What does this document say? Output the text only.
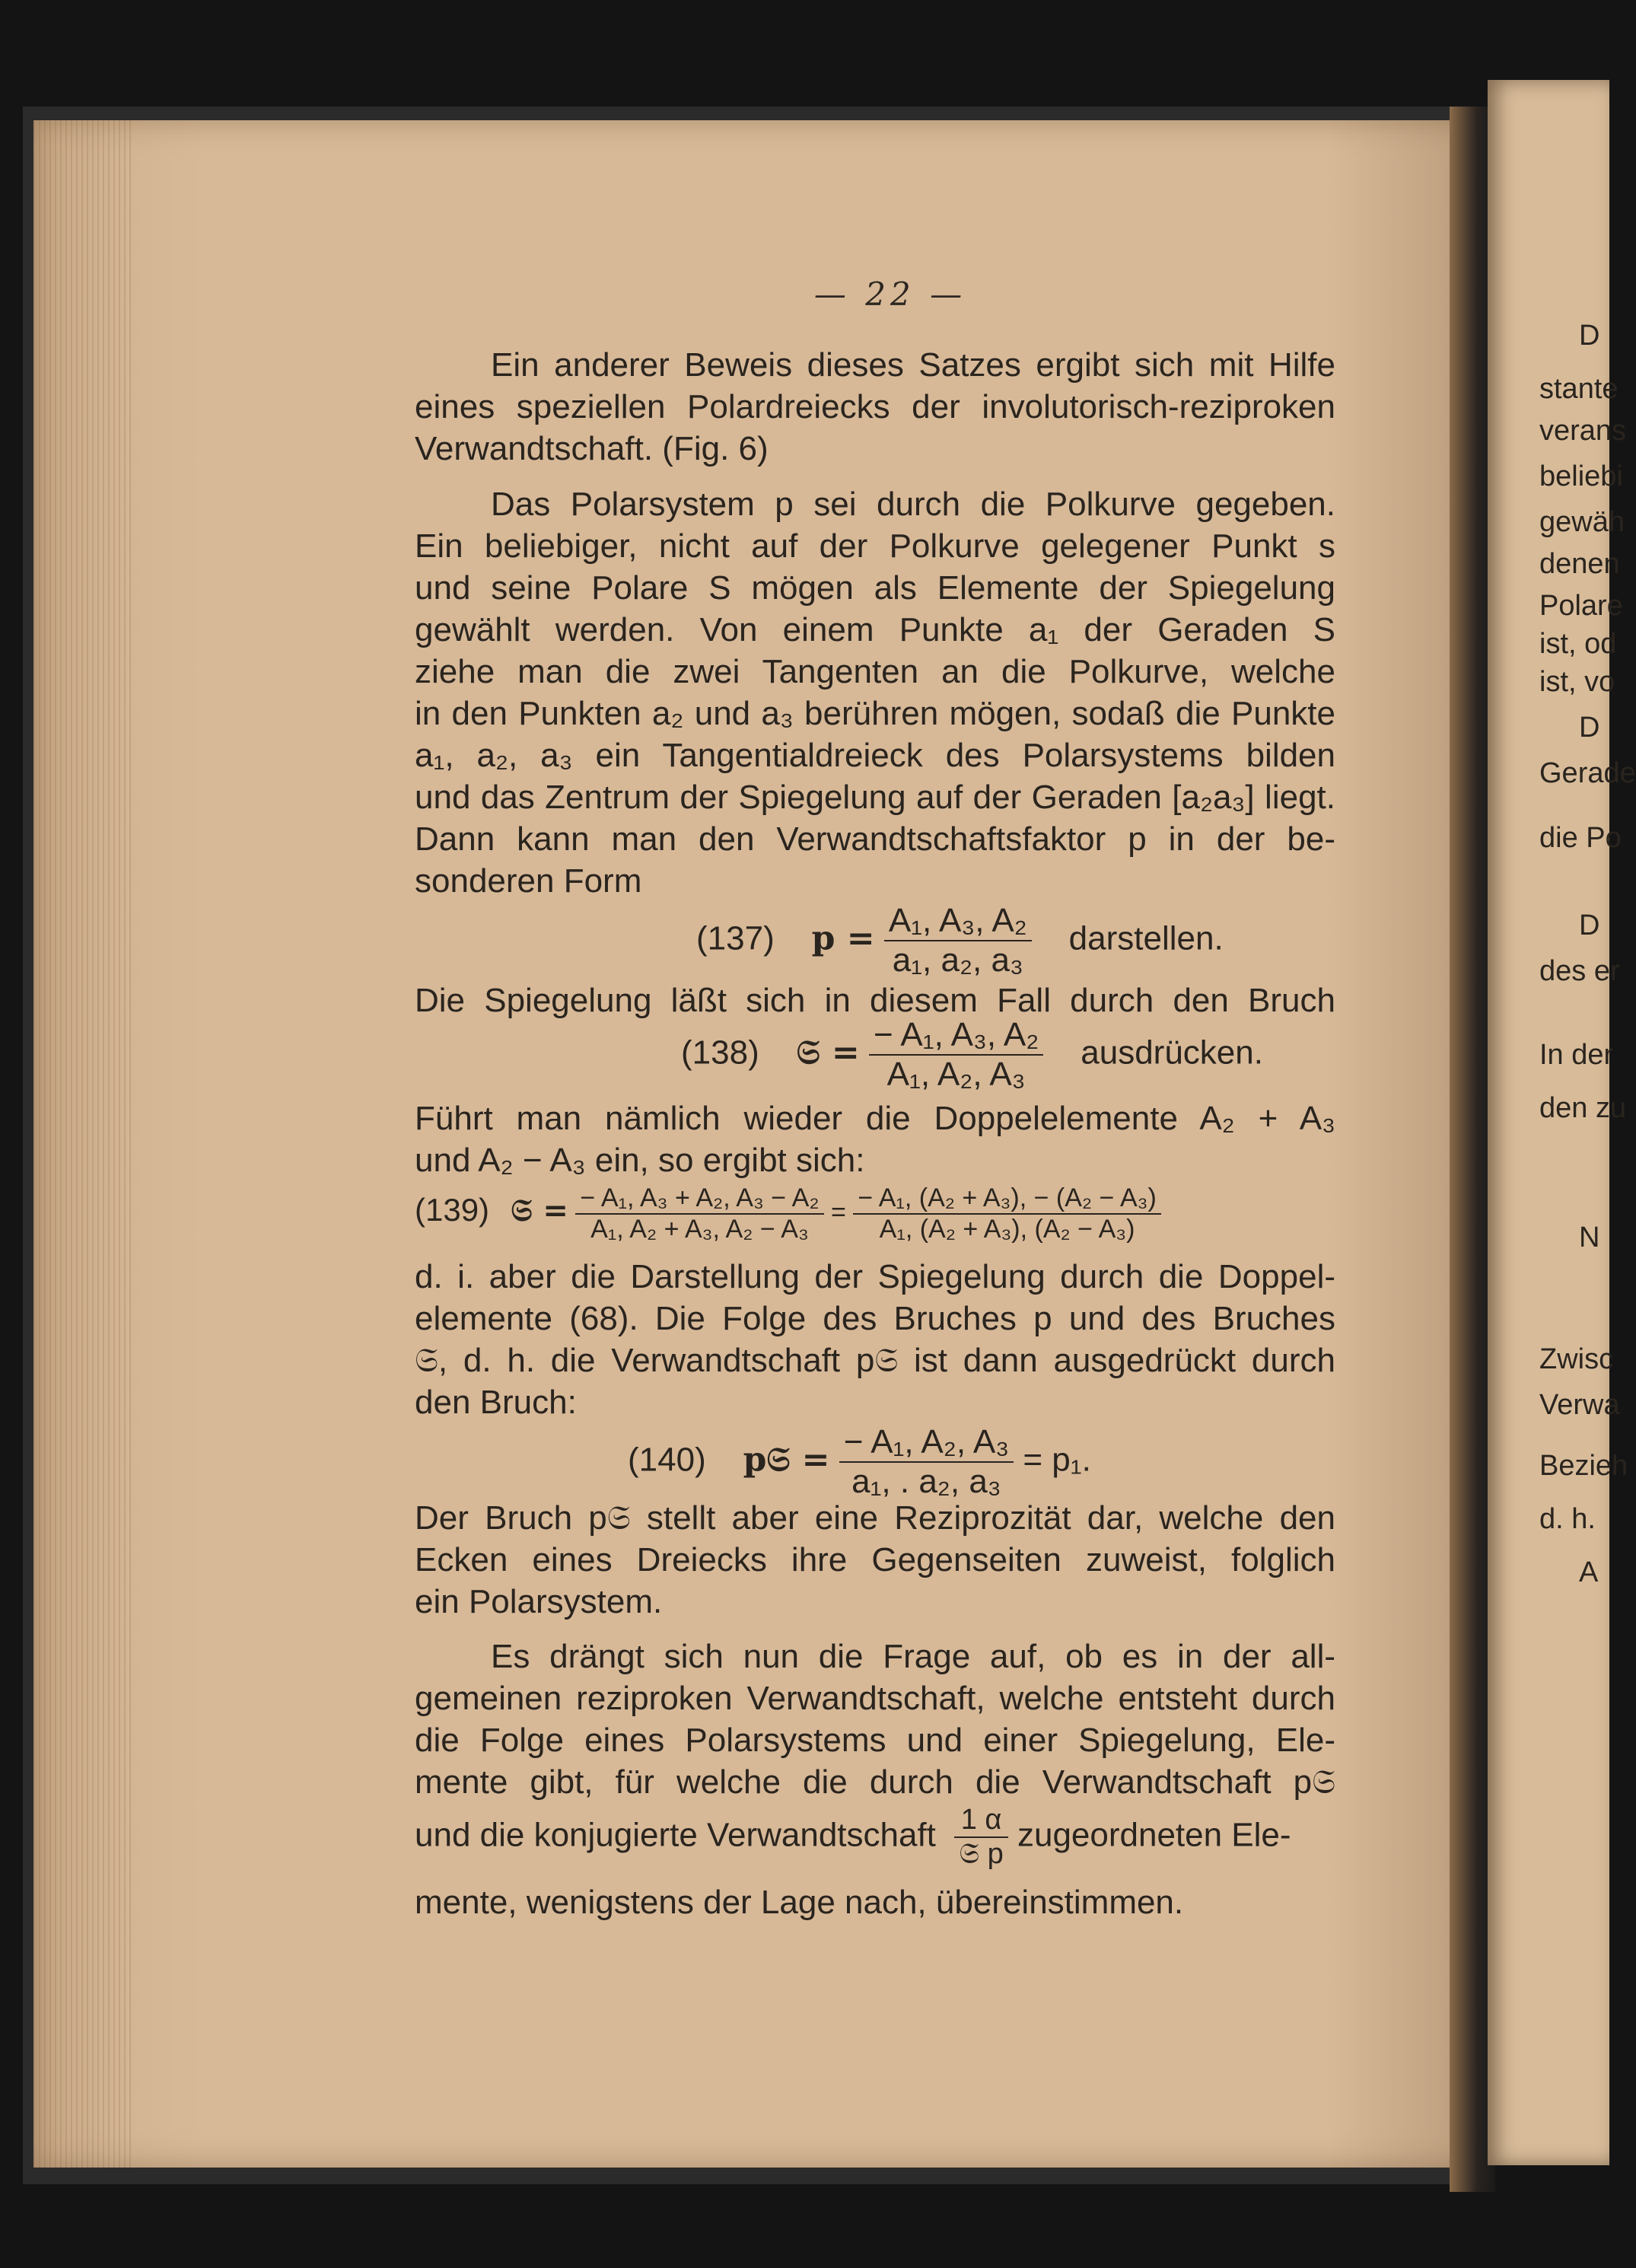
D
stante
verans
beliebi
gewäh
denen
Polare
ist, od
ist, vo
D
Gerade
die Po
D
des er
In der
den zu
N
Zwisc
Verwa
Bezieh
d. h.
A
— 22 —
Ein anderer Beweis dieses Satzes ergibt sich mit Hilfe
eines speziellen Polardreiecks der involutorisch-reziproken
Verwandtschaft. (Fig. 6)
Das Polarsystem p sei durch die Polkurve gegeben.
Ein beliebiger, nicht auf der Polkurve gelegener Punkt s
und seine Polare S mögen als Elemente der Spiegelung
gewählt werden. Von einem Punkte a₁ der Geraden S
ziehe man die zwei Tangenten an die Polkurve, welche
in den Punkten a₂ und a₃ berühren mögen, sodaß die Punkte
a₁, a₂, a₃ ein Tangentialdreieck des Polarsystems bilden
und das Zentrum der Spiegelung auf der Geraden [a₂a₃] liegt.
Dann kann man den Verwandtschaftsfaktor p in der be-
sonderen Form
(137) $p = \frac{\text{A₁, A₃, A₂}}{\text{a₁, a₂, a₃}}$ darstellen.
Die Spiegelung läßt sich in diesem Fall durch den Bruch
(138) 𝔖 = $\frac{\text{− A₁, A₃, A₂}}{\text{A₁, A₂, A₃}}$ ausdrücken.
Führt man nämlich wieder die Doppelelemente A₂ + A₃
und A₂ − A₃ ein, so ergibt sich:
(139) 𝔖 = $\frac{\text{− A₁, A₃ + A₂, A₃ − A₂}}{\text{A₁, A₂ + A₃, A₂ − A₃}} = \frac{\text{− A₁, (A₂ + A₃), − (A₂ − A₃)}}{\text{A₁, (A₂ + A₃), (A₂ − A₃)}}$
d. i. aber die Darstellung der Spiegelung durch die Doppel-
elemente (68). Die Folge des Bruches p und des Bruches
𝔖, d. h. die Verwandtschaft p𝔖 ist dann ausgedrückt durch
den Bruch:
(140) p𝔖 = $\frac{\text{− A₁, A₂, A₃}}{\text{a₁, . a₂, a₃}} = p_1$.
Der Bruch p𝔖 stellt aber eine Reziprozität dar, welche den
Ecken eines Dreiecks ihre Gegenseiten zuweist, folglich
ein Polarsystem.
Es drängt sich nun die Frage auf, ob es in der all-
gemeinen reziproken Verwandtschaft, welche entsteht durch
die Folge eines Polarsystems und einer Spiegelung, Ele-
mente gibt, für welche die durch die Verwandtschaft p𝔖
und die konjugierte Verwandtschaft $\frac{1 \alpha}{\text{𝔖 p}}$ zugeordneten Ele-
mente, wenigstens der Lage nach, übereinstimmen.
